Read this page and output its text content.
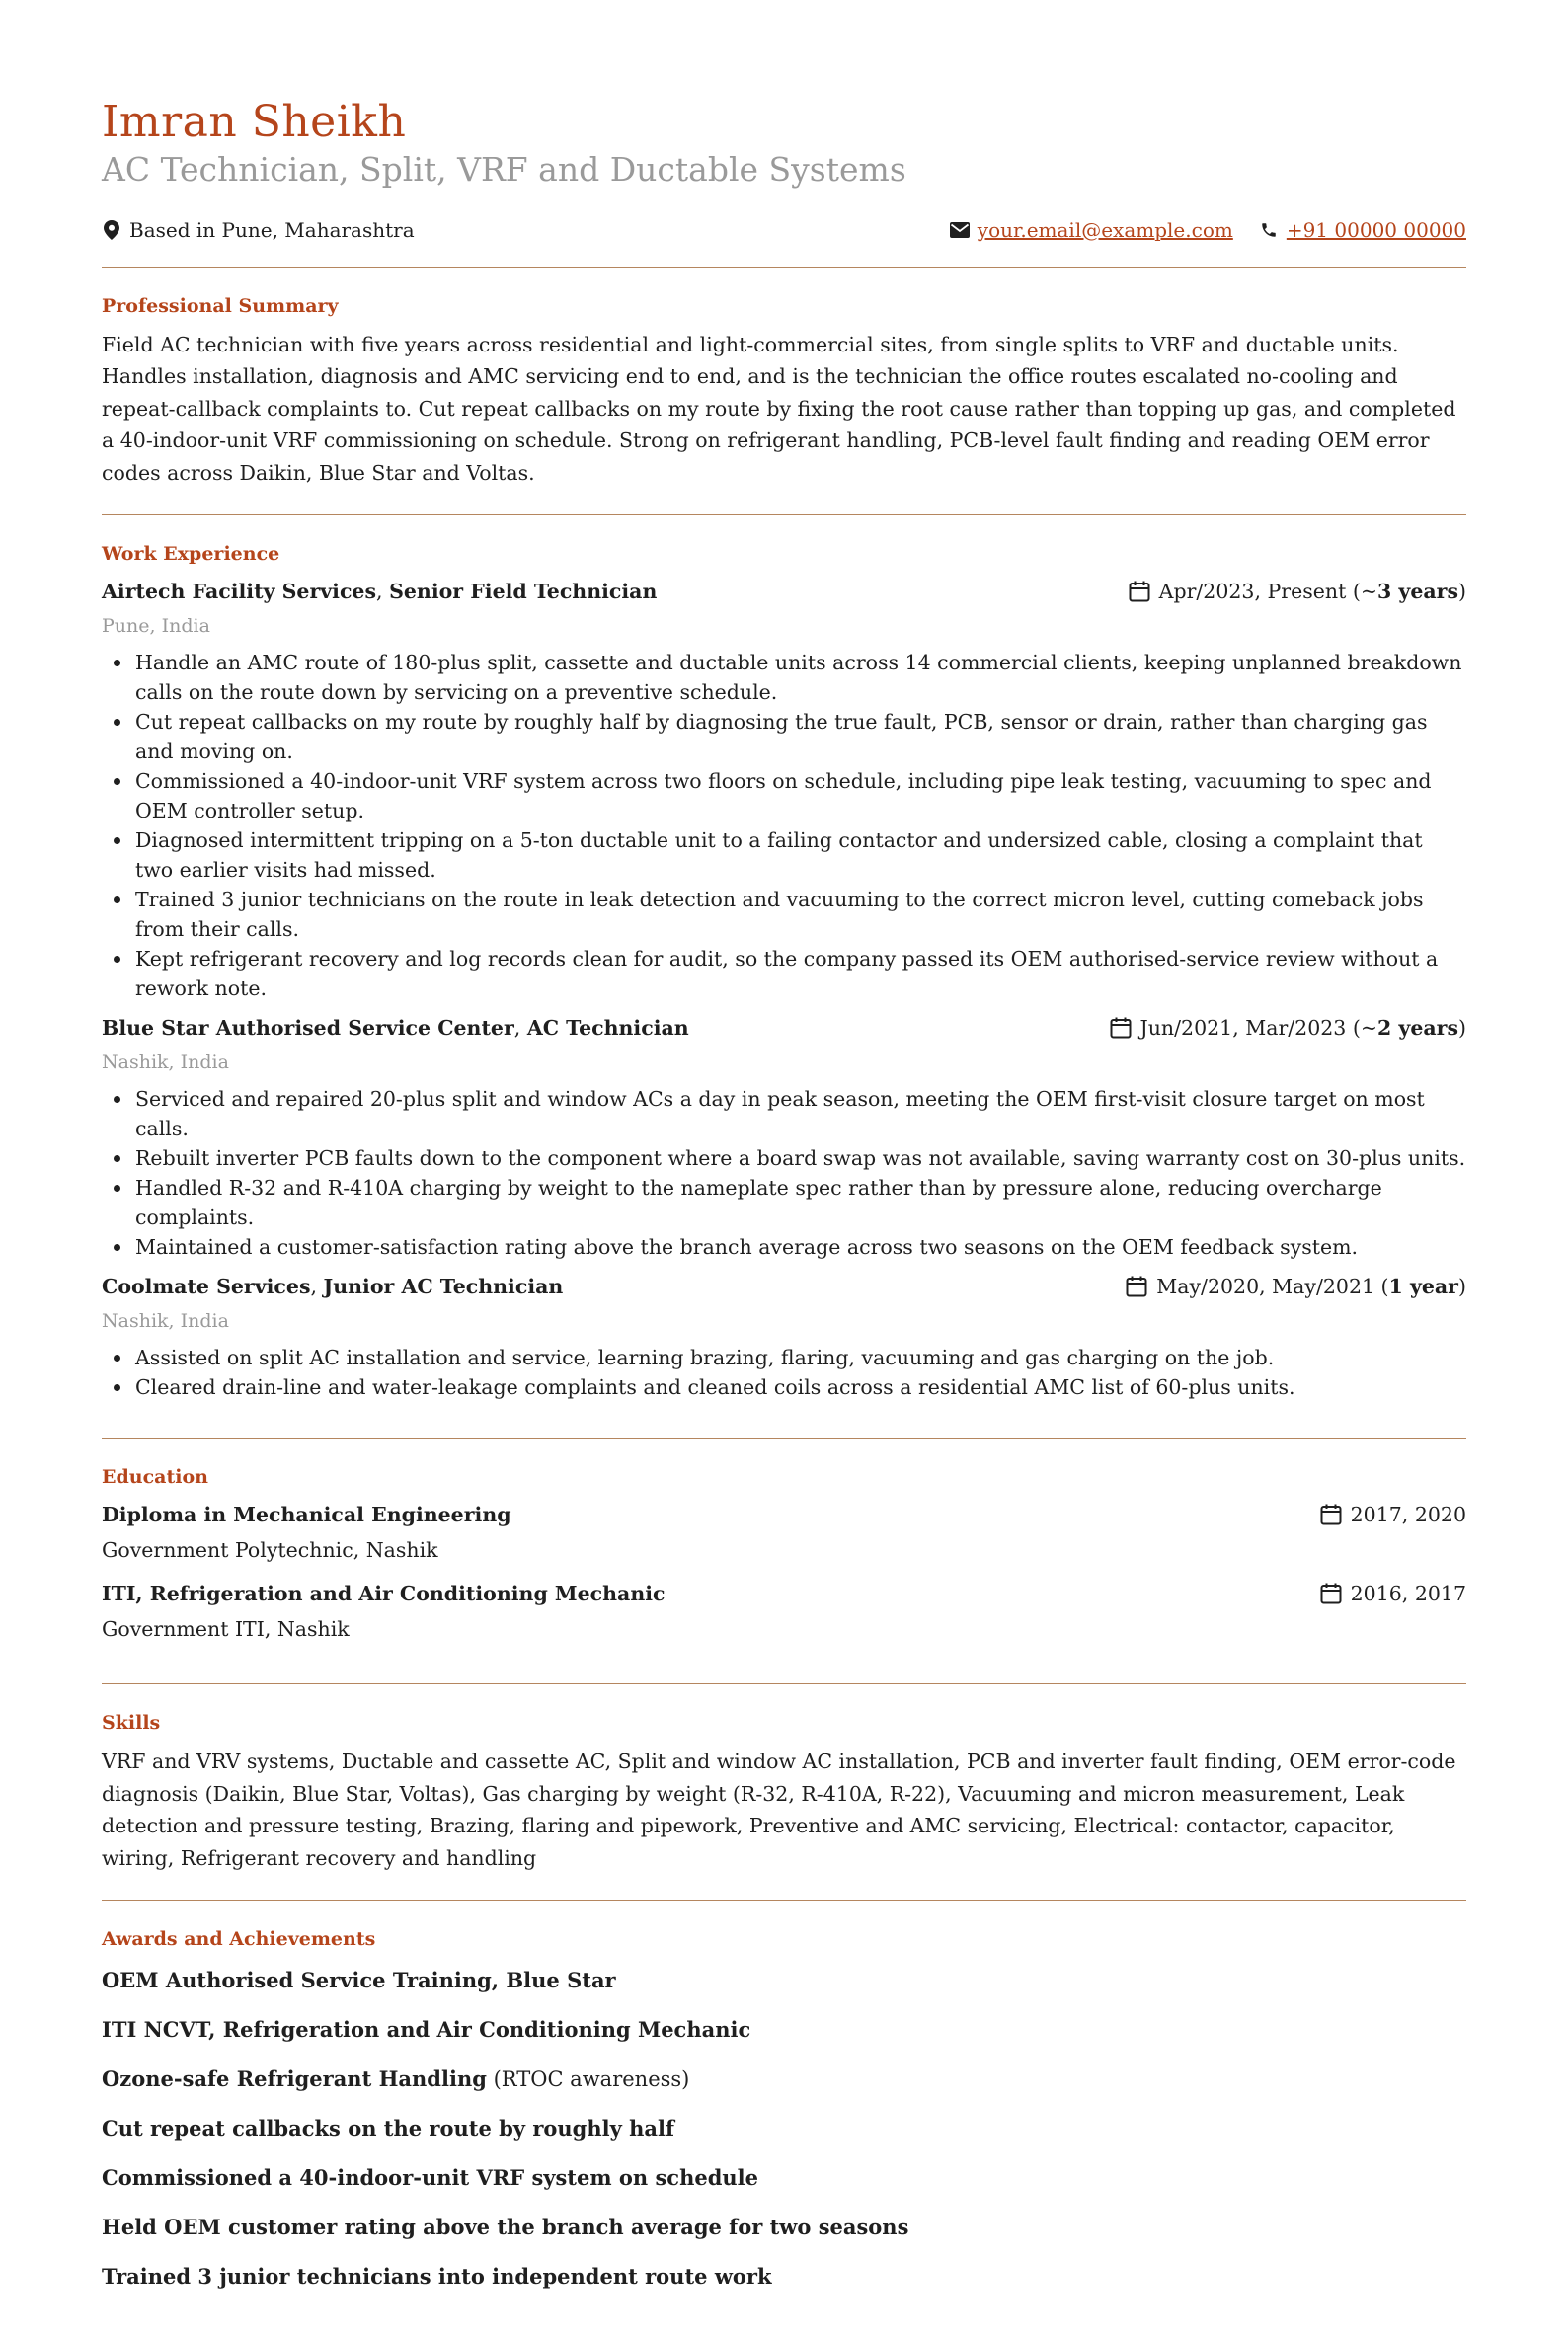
Imran Sheikh
AC Technician, Split, VRF and Ductable Systems
Based in Pune, Maharashtra	your.email@example.com	+91 00000 00000
Professional Summary

Field AC technician with five years across residential and light-commercial sites, from single splits to VRF and ductable units. Handles installation, diagnosis and AMC servicing end to end, and is the technician the office routes escalated no-cooling and repeat-callback complaints to. Cut repeat callbacks on my route by fixing the root cause rather than topping up gas, and completed a 40-indoor-unit VRF commissioning on schedule. Strong on refrigerant handling, PCB-level fault finding and reading OEM error codes across Daikin, Blue Star and Voltas.

Work Experience
Airtech Facility Services, Senior Field Technician	Apr/2023, Present (~ 3 years )
Pune, India
Handle an AMC route of 180-plus split, cassette and ductable units across 14 commercial clients, keeping unplanned breakdown calls on the route down by servicing on a preventive schedule.
Cut repeat callbacks on my route by roughly half by diagnosing the true fault, PCB, sensor or drain, rather than charging gas and moving on.
Commissioned a 40-indoor-unit VRF system across two floors on schedule, including pipe leak testing, vacuuming to spec and OEM controller setup.
Diagnosed intermittent tripping on a 5-ton ductable unit to a failing contactor and undersized cable, closing a complaint that two earlier visits had missed.
Trained 3 junior technicians on the route in leak detection and vacuuming to the correct micron level, cutting comeback jobs from their calls.
Kept refrigerant recovery and log records clean for audit, so the company passed its OEM authorised-service review without a rework note.
Blue Star Authorised Service Center, AC Technician	Jun/2021, Mar/2023 (~ 2 years )
Nashik, India
Serviced and repaired 20-plus split and window ACs a day in peak season, meeting the OEM first-visit closure target on most calls.
Rebuilt inverter PCB faults down to the component where a board swap was not available, saving warranty cost on 30-plus units.
Handled R-32 and R-410A charging by weight to the nameplate spec rather than by pressure alone, reducing overcharge complaints.
Maintained a customer-satisfaction rating above the branch average across two seasons on the OEM feedback system.
Coolmate Services, Junior AC Technician	May/2020, May/2021 ( 1 year )
Nashik, India
Assisted on split AC installation and service, learning brazing, flaring, vacuuming and gas charging on the job.
Cleared drain-line and water-leakage complaints and cleaned coils across a residential AMC list of 60-plus units.
Education
Diploma in Mechanical Engineering	2017, 2020
Government Polytechnic, Nashik
ITI, Refrigeration and Air Conditioning Mechanic	2016, 2017
Government ITI, Nashik
Skills

VRF and VRV systems, Ductable and cassette AC, Split and window AC installation, PCB and inverter fault finding, OEM error-code diagnosis (Daikin, Blue Star, Voltas), Gas charging by weight (R-32, R-410A, R-22), Vacuuming and micron measurement, Leak detection and pressure testing, Brazing, flaring and pipework, Preventive and AMC servicing, Electrical: contactor, capacitor, wiring, Refrigerant recovery and handling

Awards and Achievements
OEM Authorised Service Training, Blue Star
ITI NCVT, Refrigeration and Air Conditioning Mechanic
Ozone-safe Refrigerant Handling (RTOC awareness)
Cut repeat callbacks on the route by roughly half
Commissioned a 40-indoor-unit VRF system on schedule
Held OEM customer rating above the branch average for two seasons
Trained 3 junior technicians into independent route work
